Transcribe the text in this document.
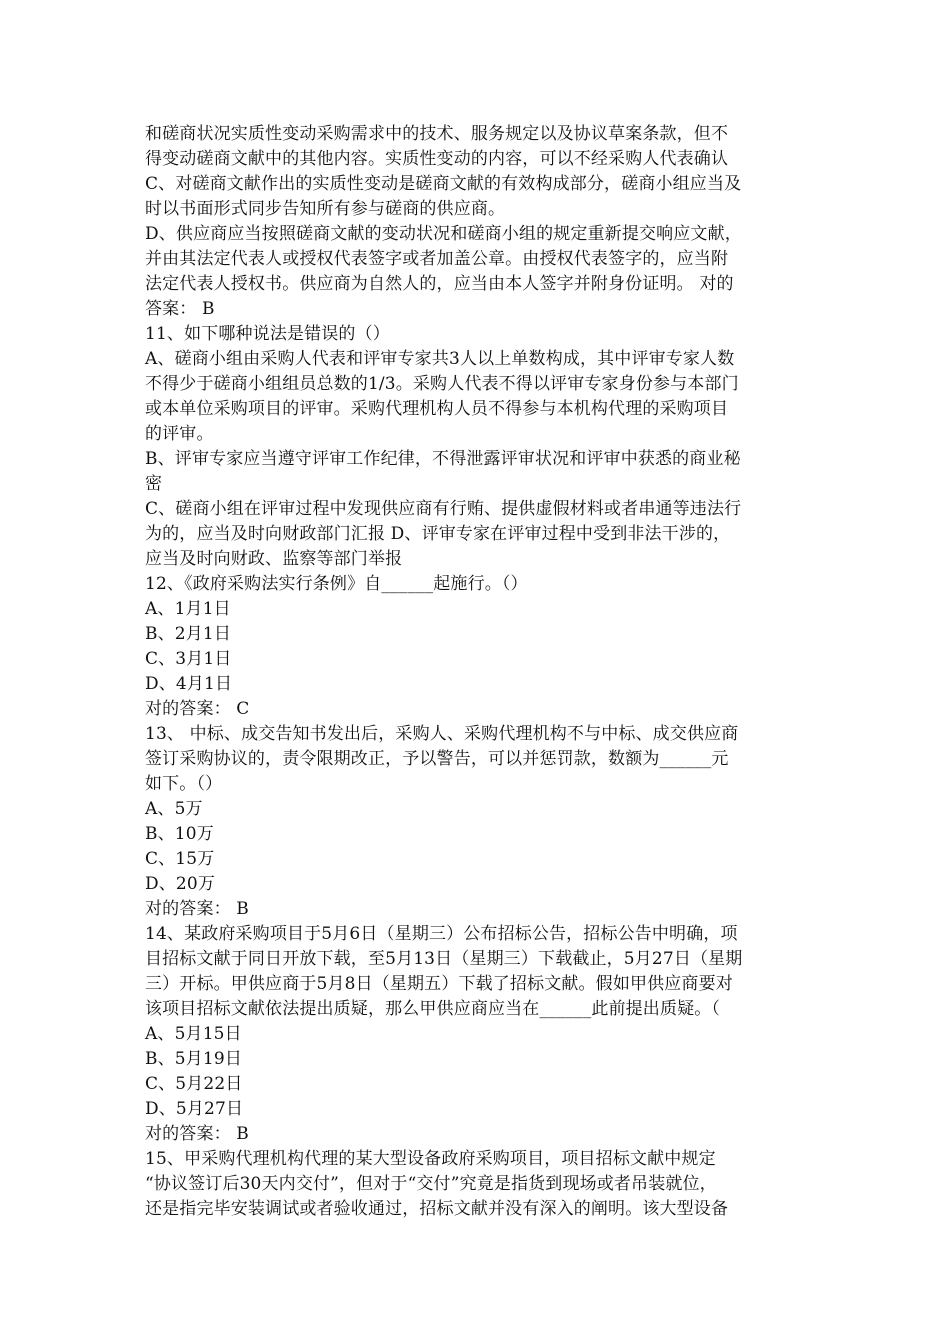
和磋商状况实质性变动采购需求中的技术、服务规定以及协议草案条款，但不
得变动磋商文献中的其他内容。实质性变动的内容，可以不经采购人代表确认
C、对磋商文献作出的实质性变动是磋商文献的有效构成部分，磋商小组应当及
时以书面形式同步告知所有参与磋商的供应商。
D、供应商应当按照磋商文献的变动状况和磋商小组的规定重新提交响应文献，
并由其法定代表人或授权代表签字或者加盖公章。由授权代表签字的，应当附
法定代表人授权书。供应商为自然人的，应当由本人签字并附身份证明。 对的
答案： B
11、如下哪种说法是错误的（）
A、磋商小组由采购人代表和评审专家共3人以上单数构成，其中评审专家人数
不得少于磋商小组组员总数的1/3。采购人代表不得以评审专家身份参与本部门
或本单位采购项目的评审。采购代理机构人员不得参与本机构代理的采购项目
的评审。
B、评审专家应当遵守评审工作纪律，不得泄露评审状况和评审中获悉的商业秘
密
C、磋商小组在评审过程中发现供应商有行贿、提供虚假材料或者串通等违法行
为的，应当及时向财政部门汇报 D、评审专家在评审过程中受到非法干涉的，
应当及时向财政、监察等部门举报
12、《政府采购法实行条例》自______起施行。（）
A、1月1日
B、2月1日
C、3月1日
D、4月1日
对的答案： C
13、 中标、成交告知书发出后，采购人、采购代理机构不与中标、成交供应商
签订采购协议的，责令限期改正，予以警告，可以并惩罚款，数额为______元
如下。（）
A、5万
B、10万
C、15万
D、20万
对的答案： B
14、某政府采购项目于5月6日（星期三）公布招标公告，招标公告中明确，项
目招标文献于同日开放下载，至5月13日（星期三）下载截止，5月27日（星期
三）开标。甲供应商于5月8日（星期五）下载了招标文献。假如甲供应商要对
该项目招标文献依法提出质疑，那么甲供应商应当在______此前提出质疑。（
A、5月15日
B、5月19日
C、5月22日
D、5月27日
对的答案： B
15、甲采购代理机构代理的某大型设备政府采购项目，项目招标文献中规定
“协议签订后30天内交付”，但对于“交付”究竟是指货到现场或者吊装就位，
还是指完毕安装调试或者验收通过，招标文献并没有深入的阐明。该大型设备
